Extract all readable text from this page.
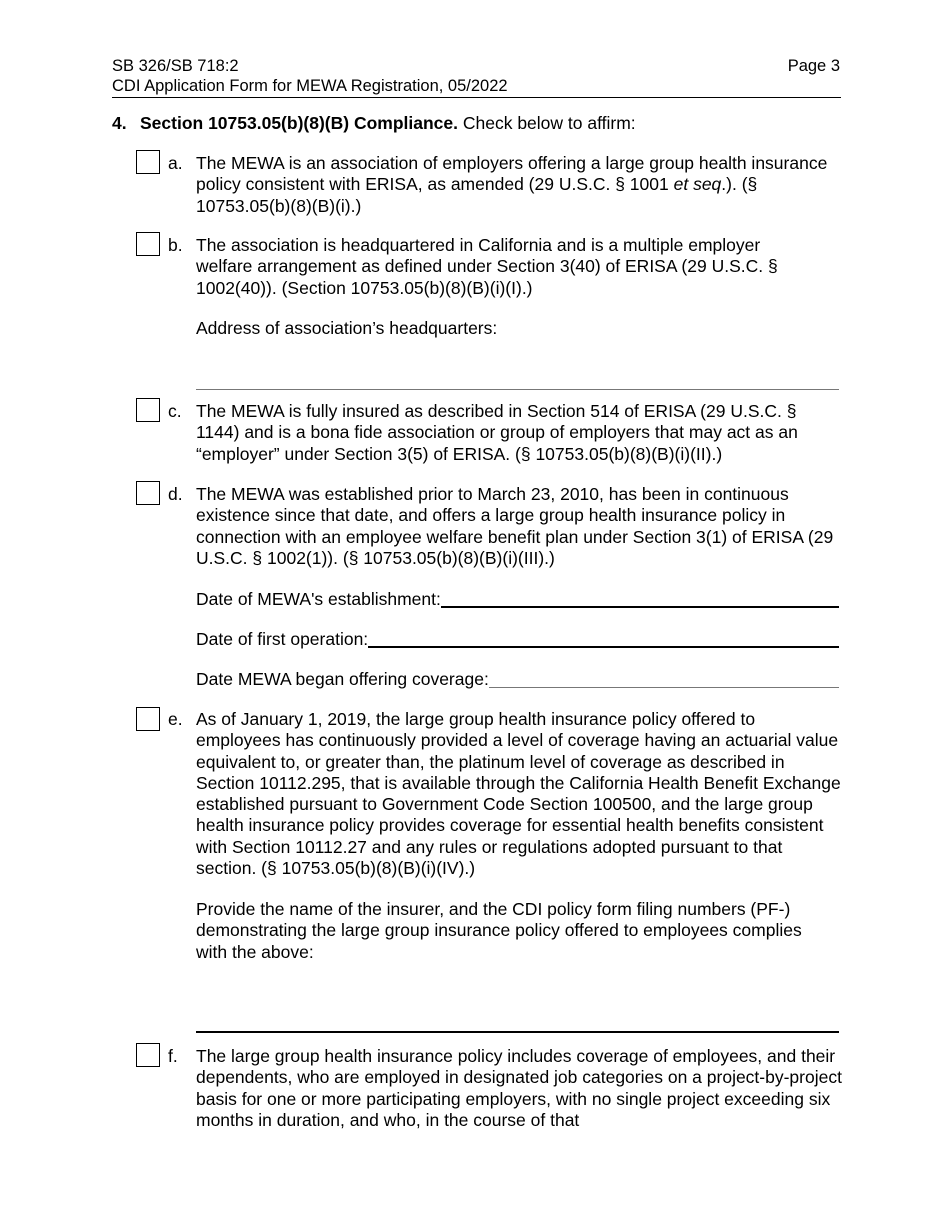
SB 326/SB 718:2
CDI Application Form for MEWA Registration, 05/2022
Page 3
4. Section 10753.05(b)(8)(B) Compliance. Check below to affirm:
a. The MEWA is an association of employers offering a large group health insurance policy consistent with ERISA, as amended (29 U.S.C. § 1001 et seq.). (§ 10753.05(b)(8)(B)(i).)
b. The association is headquartered in California and is a multiple employer welfare arrangement as defined under Section 3(40) of ERISA (29 U.S.C. § 1002(40)). (Section 10753.05(b)(8)(B)(i)(I).)
Address of association’s headquarters:
c. The MEWA is fully insured as described in Section 514 of ERISA (29 U.S.C. § 1144) and is a bona fide association or group of employers that may act as an “employer” under Section 3(5) of ERISA. (§ 10753.05(b)(8)(B)(i)(II).)
d. The MEWA was established prior to March 23, 2010, has been in continuous existence since that date, and offers a large group health insurance policy in connection with an employee welfare benefit plan under Section 3(1) of ERISA (29 U.S.C. § 1002(1)). (§ 10753.05(b)(8)(B)(i)(III).)
Date of MEWA's establishment:
Date of first operation:
Date MEWA began offering coverage:
e. As of January 1, 2019, the large group health insurance policy offered to employees has continuously provided a level of coverage having an actuarial value equivalent to, or greater than, the platinum level of coverage as described in Section 10112.295, that is available through the California Health Benefit Exchange established pursuant to Government Code Section 100500, and the large group health insurance policy provides coverage for essential health benefits consistent with Section 10112.27 and any rules or regulations adopted pursuant to that section. (§ 10753.05(b)(8)(B)(i)(IV).)
Provide the name of the insurer, and the CDI policy form filing numbers (PF-) demonstrating the large group insurance policy offered to employees complies with the above:
f. The large group health insurance policy includes coverage of employees, and their dependents, who are employed in designated job categories on a project-by-project basis for one or more participating employers, with no single project exceeding six months in duration, and who, in the course of that
